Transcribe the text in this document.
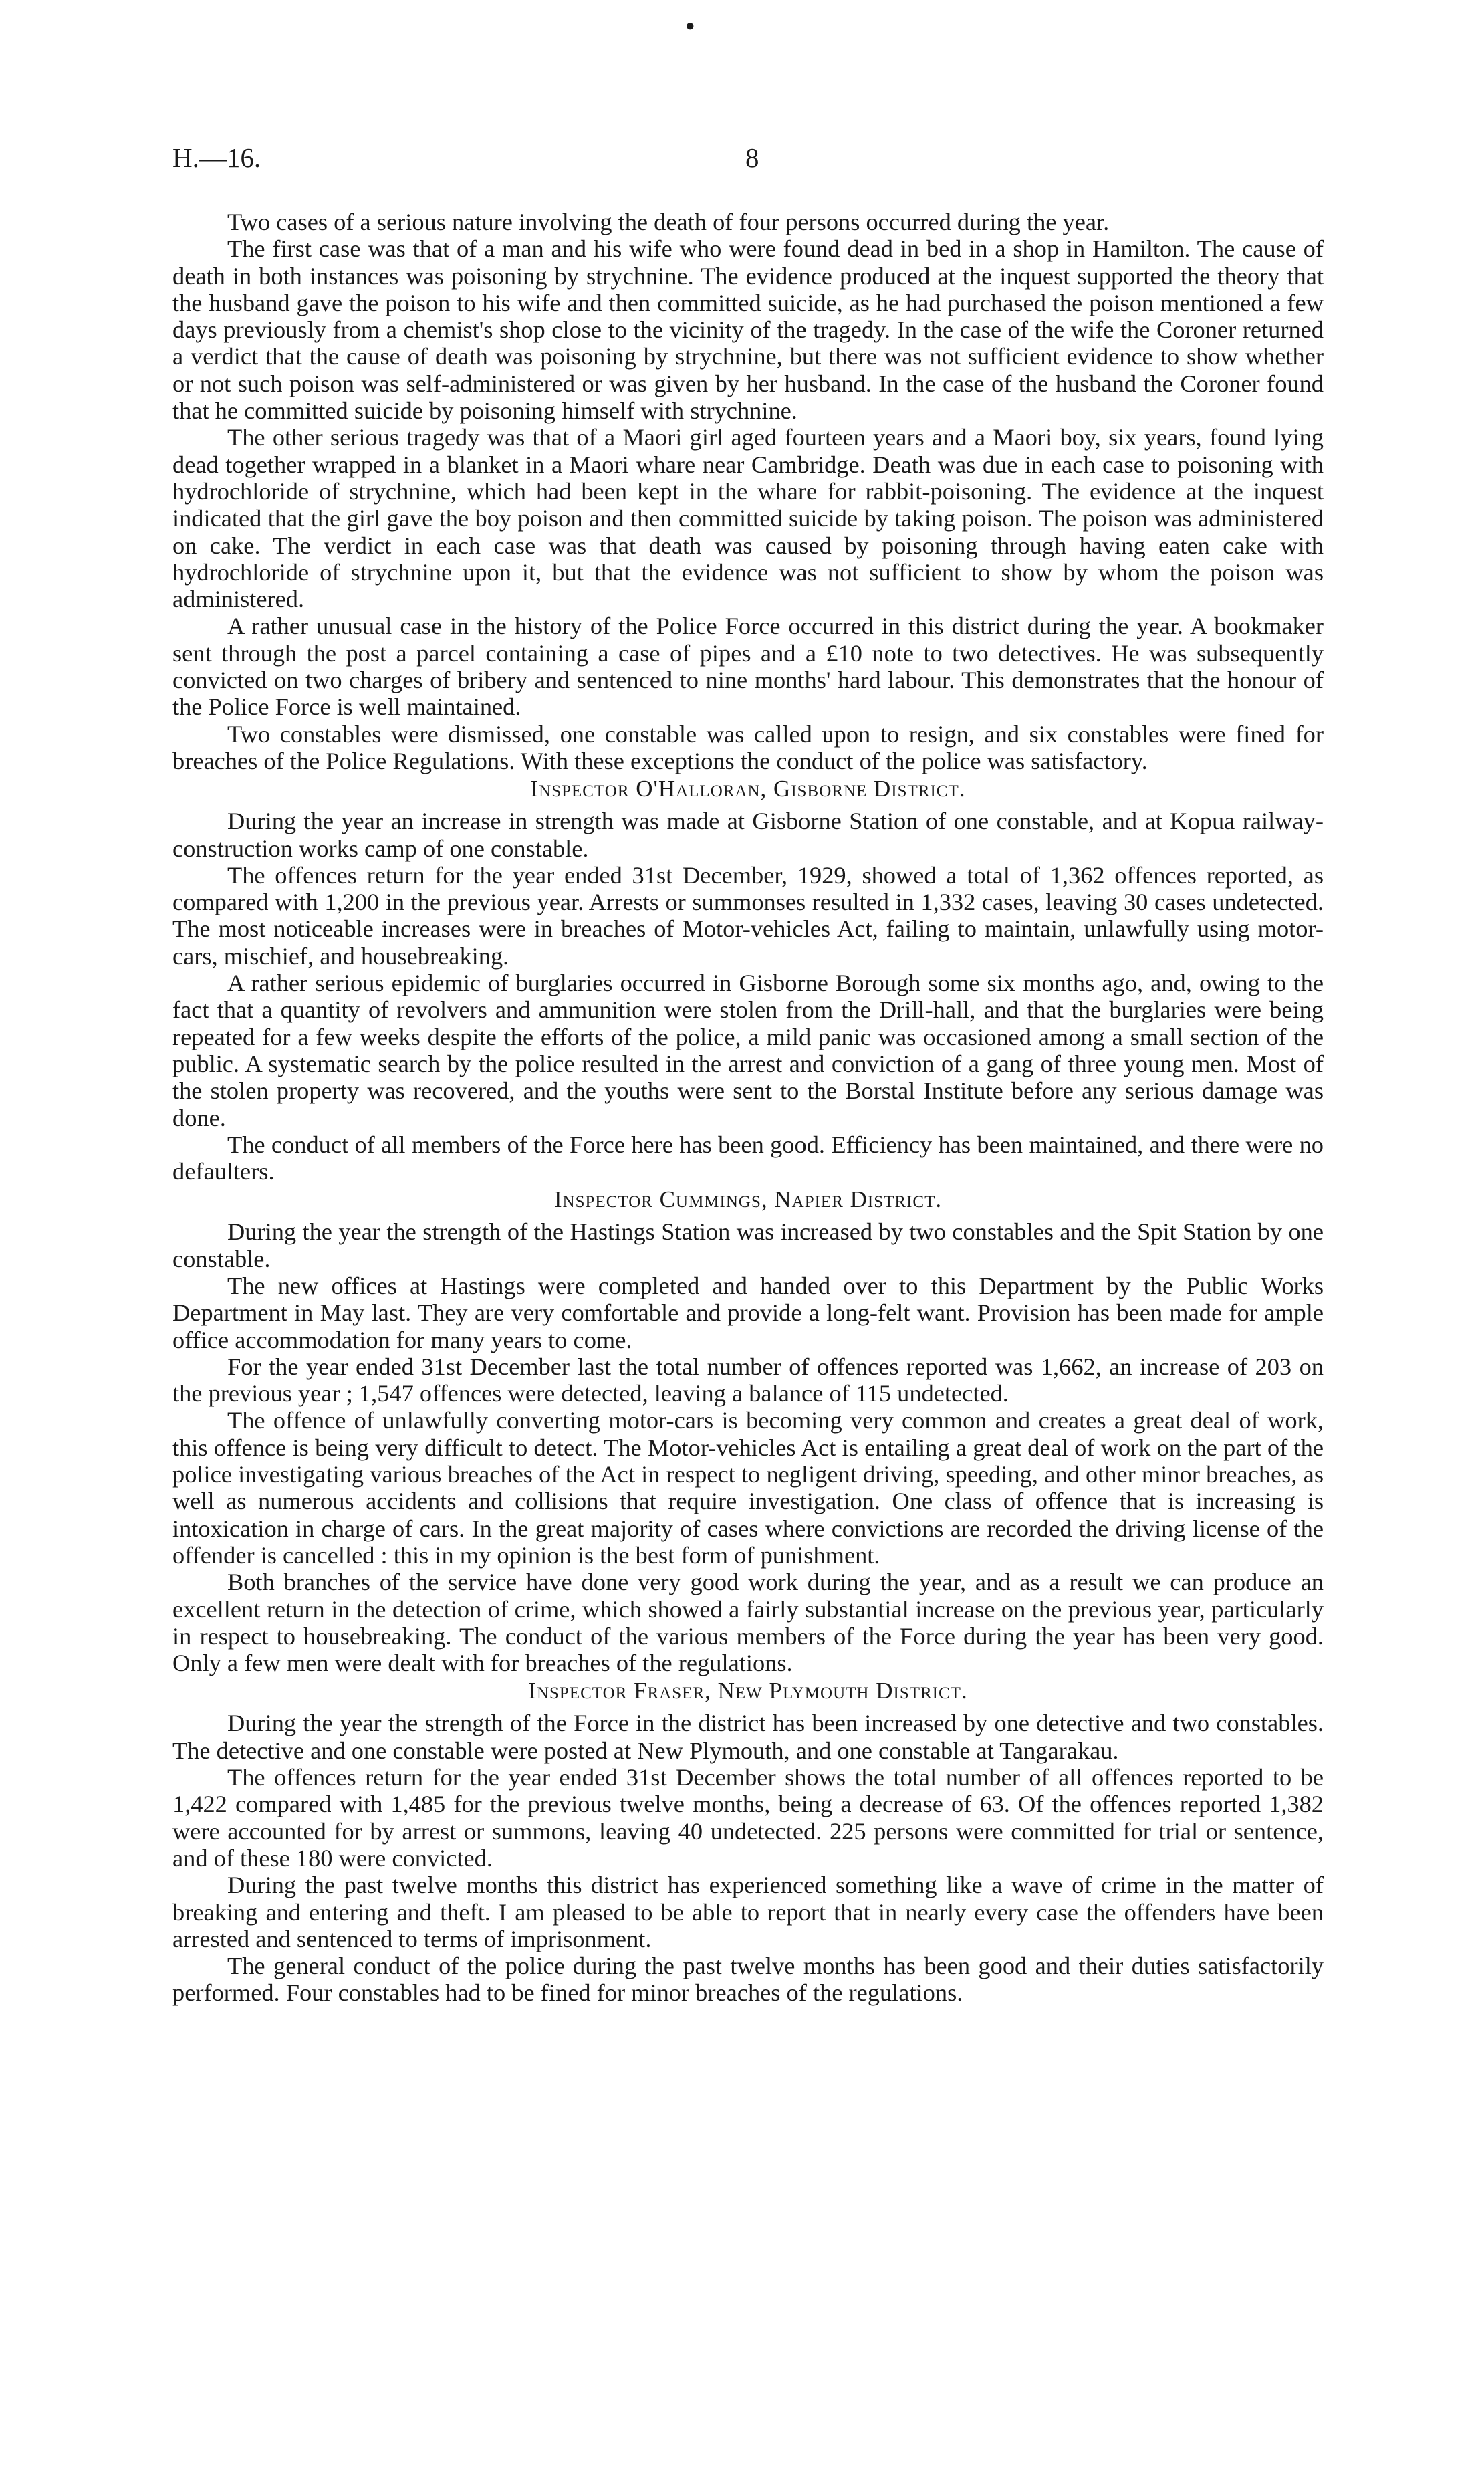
●
H.—16.	8

Two cases of a serious nature involving the death of four persons occurred during the year.

The first case was that of a man and his wife who were found dead in bed in a shop in Hamilton. The cause of death in both instances was poisoning by strychnine. The evidence produced at the inquest supported the theory that the husband gave the poison to his wife and then committed suicide, as he had purchased the poison mentioned a few days previously from a chemist's shop close to the vicinity of the tragedy. In the case of the wife the Coroner returned a verdict that the cause of death was poisoning by strychnine, but there was not sufficient evidence to show whether or not such poison was self-administered or was given by her husband. In the case of the husband the Coroner found that he committed suicide by poisoning himself with strychnine.

The other serious tragedy was that of a Maori girl aged fourteen years and a Maori boy, six years, found lying dead together wrapped in a blanket in a Maori whare near Cambridge. Death was due in each case to poisoning with hydrochloride of strychnine, which had been kept in the whare for rabbit-poisoning. The evidence at the inquest indicated that the girl gave the boy poison and then committed suicide by taking poison. The poison was administered on cake. The verdict in each case was that death was caused by poisoning through having eaten cake with hydrochloride of strychnine upon it, but that the evidence was not sufficient to show by whom the poison was administered.

A rather unusual case in the history of the Police Force occurred in this district during the year. A bookmaker sent through the post a parcel containing a case of pipes and a £10 note to two detectives. He was subsequently convicted on two charges of bribery and sentenced to nine months' hard labour. This demonstrates that the honour of the Police Force is well maintained.

Two constables were dismissed, one constable was called upon to resign, and six constables were fined for breaches of the Police Regulations. With these exceptions the conduct of the police was satisfactory.

Inspector O'Halloran, Gisborne District.

During the year an increase in strength was made at Gisborne Station of one constable, and at Kopua railway-construction works camp of one constable.

The offences return for the year ended 31st December, 1929, showed a total of 1,362 offences reported, as compared with 1,200 in the previous year. Arrests or summonses resulted in 1,332 cases, leaving 30 cases undetected. The most noticeable increases were in breaches of Motor-vehicles Act, failing to maintain, unlawfully using motor-cars, mischief, and housebreaking.

A rather serious epidemic of burglaries occurred in Gisborne Borough some six months ago, and, owing to the fact that a quantity of revolvers and ammunition were stolen from the Drill-hall, and that the burglaries were being repeated for a few weeks despite the efforts of the police, a mild panic was occasioned among a small section of the public. A systematic search by the police resulted in the arrest and conviction of a gang of three young men. Most of the stolen property was recovered, and the youths were sent to the Borstal Institute before any serious damage was done.

The conduct of all members of the Force here has been good. Efficiency has been maintained, and there were no defaulters.

Inspector Cummings, Napier District.

During the year the strength of the Hastings Station was increased by two constables and the Spit Station by one constable.

The new offices at Hastings were completed and handed over to this Department by the Public Works Department in May last. They are very comfortable and provide a long-felt want. Provision has been made for ample office accommodation for many years to come.

For the year ended 31st December last the total number of offences reported was 1,662, an increase of 203 on the previous year ; 1,547 offences were detected, leaving a balance of 115 undetected.

The offence of unlawfully converting motor-cars is becoming very common and creates a great deal of work, this offence is being very difficult to detect. The Motor-vehicles Act is entailing a great deal of work on the part of the police investigating various breaches of the Act in respect to negligent driving, speeding, and other minor breaches, as well as numerous accidents and collisions that require investigation. One class of offence that is increasing is intoxication in charge of cars. In the great majority of cases where convictions are recorded the driving license of the offender is cancelled : this in my opinion is the best form of punishment.

Both branches of the service have done very good work during the year, and as a result we can produce an excellent return in the detection of crime, which showed a fairly substantial increase on the previous year, particularly in respect to housebreaking. The conduct of the various members of the Force during the year has been very good. Only a few men were dealt with for breaches of the regulations.

Inspector Fraser, New Plymouth District.

During the year the strength of the Force in the district has been increased by one detective and two constables. The detective and one constable were posted at New Plymouth, and one constable at Tangarakau.

The offences return for the year ended 31st December shows the total number of all offences reported to be 1,422 compared with 1,485 for the previous twelve months, being a decrease of 63. Of the offences reported 1,382 were accounted for by arrest or summons, leaving 40 undetected. 225 persons were committed for trial or sentence, and of these 180 were convicted.

During the past twelve months this district has experienced something like a wave of crime in the matter of breaking and entering and theft. I am pleased to be able to report that in nearly every case the offenders have been arrested and sentenced to terms of imprisonment.

The general conduct of the police during the past twelve months has been good and their duties satisfactorily performed. Four constables had to be fined for minor breaches of the regulations.
